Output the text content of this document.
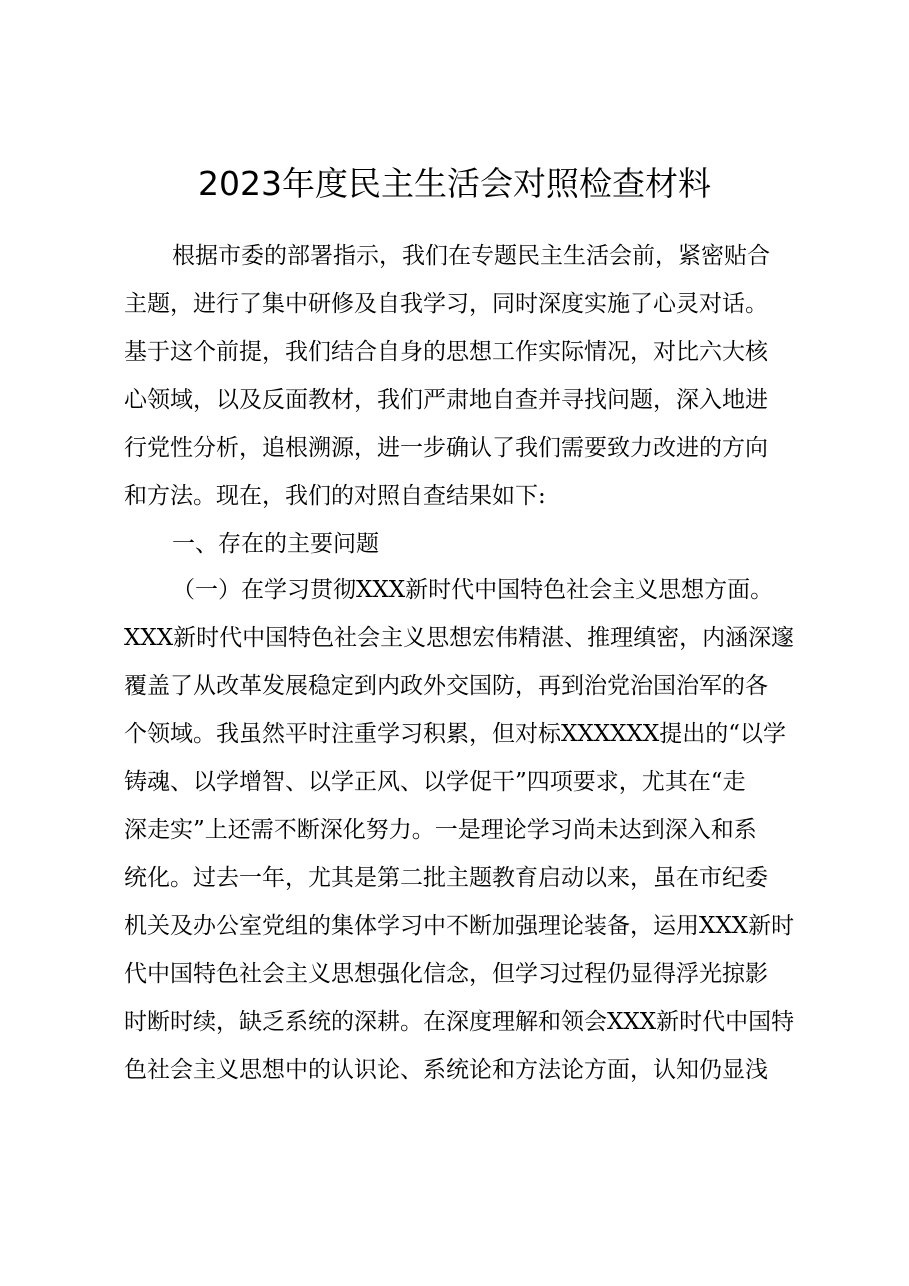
2023年度民主生活会对照检查材料
根据市委的部署指示，我们在专题民主生活会前，紧密贴合
主题，进行了集中研修及自我学习，同时深度实施了心灵对话。
基于这个前提，我们结合自身的思想工作实际情况，对比六大核
心领域，以及反面教材，我们严肃地自查并寻找问题，深入地进
行党性分析，追根溯源，进一步确认了我们需要致力改进的方向
和方法。现在，我们的对照自查结果如下:
一、存在的主要问题
（一）在学习贯彻XXX新时代中国特色社会主义思想方面。
XXX新时代中国特色社会主义思想宏伟精湛、推理缜密，内涵深邃
覆盖了从改革发展稳定到内政外交国防，再到治党治国治军的各
个领域。我虽然平时注重学习积累，但对标XXXXXX提出的“以学
铸魂、以学增智、以学正风、以学促干”四项要求，尤其在“走
深走实”上还需不断深化努力。一是理论学习尚未达到深入和系
统化。过去一年，尤其是第二批主题教育启动以来，虽在市纪委
机关及办公室党组的集体学习中不断加强理论装备，运用XXX新时
代中国特色社会主义思想强化信念，但学习过程仍显得浮光掠影
时断时续，缺乏系统的深耕。在深度理解和领会XXX新时代中国特
色社会主义思想中的认识论、系统论和方法论方面，认知仍显浅
